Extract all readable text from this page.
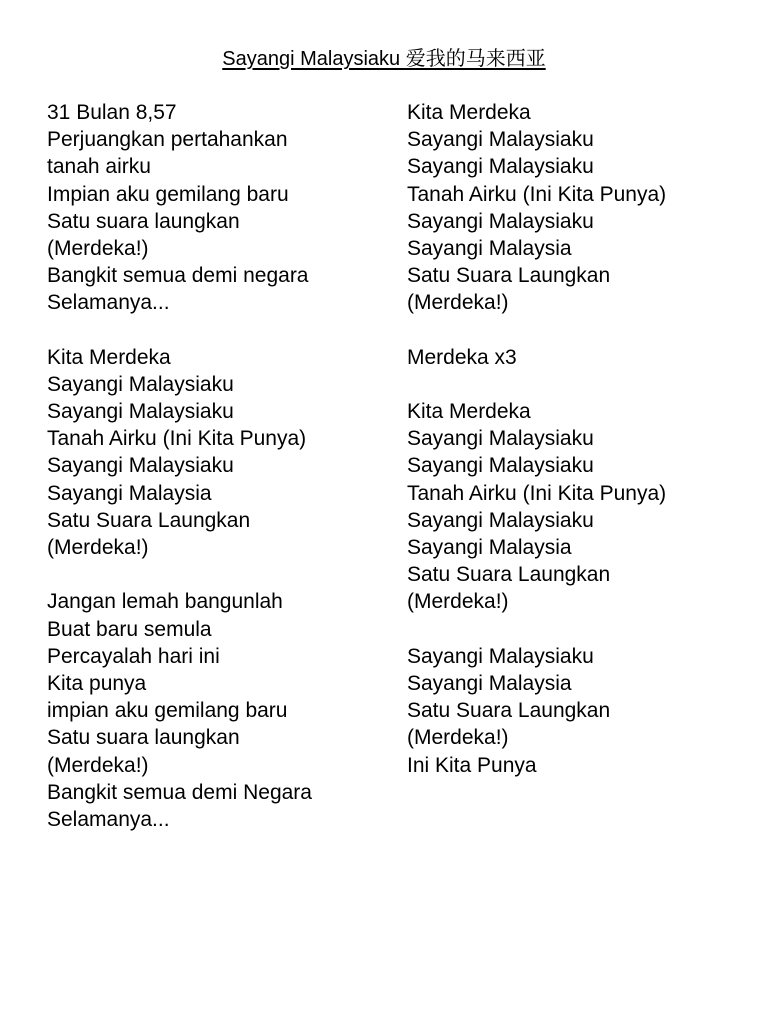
Sayangi Malaysiaku 爱我的马来西亚
31 Bulan 8,57
Perjuangkan pertahankan
tanah airku
Impian aku gemilang baru
Satu suara laungkan
(Merdeka!)
Bangkit semua demi negara
Selamanya...
Kita Merdeka
Sayangi Malaysiaku
Sayangi Malaysiaku
Tanah Airku (Ini Kita Punya)
Sayangi Malaysiaku
Sayangi Malaysia
Satu Suara Laungkan
(Merdeka!)
Jangan lemah bangunlah
Buat baru semula
Percayalah hari ini
Kita punya
impian aku gemilang baru
Satu suara laungkan
(Merdeka!)
Bangkit semua demi Negara
Selamanya...
Kita Merdeka
Sayangi Malaysiaku
Sayangi Malaysiaku
Tanah Airku (Ini Kita Punya)
Sayangi Malaysiaku
Sayangi Malaysia
Satu Suara Laungkan
(Merdeka!)
Merdeka x3
Kita Merdeka
Sayangi Malaysiaku
Sayangi Malaysiaku
Tanah Airku (Ini Kita Punya)
Sayangi Malaysiaku
Sayangi Malaysia
Satu Suara Laungkan
(Merdeka!)
Sayangi Malaysiaku
Sayangi Malaysia
Satu Suara Laungkan
(Merdeka!)
Ini Kita Punya
